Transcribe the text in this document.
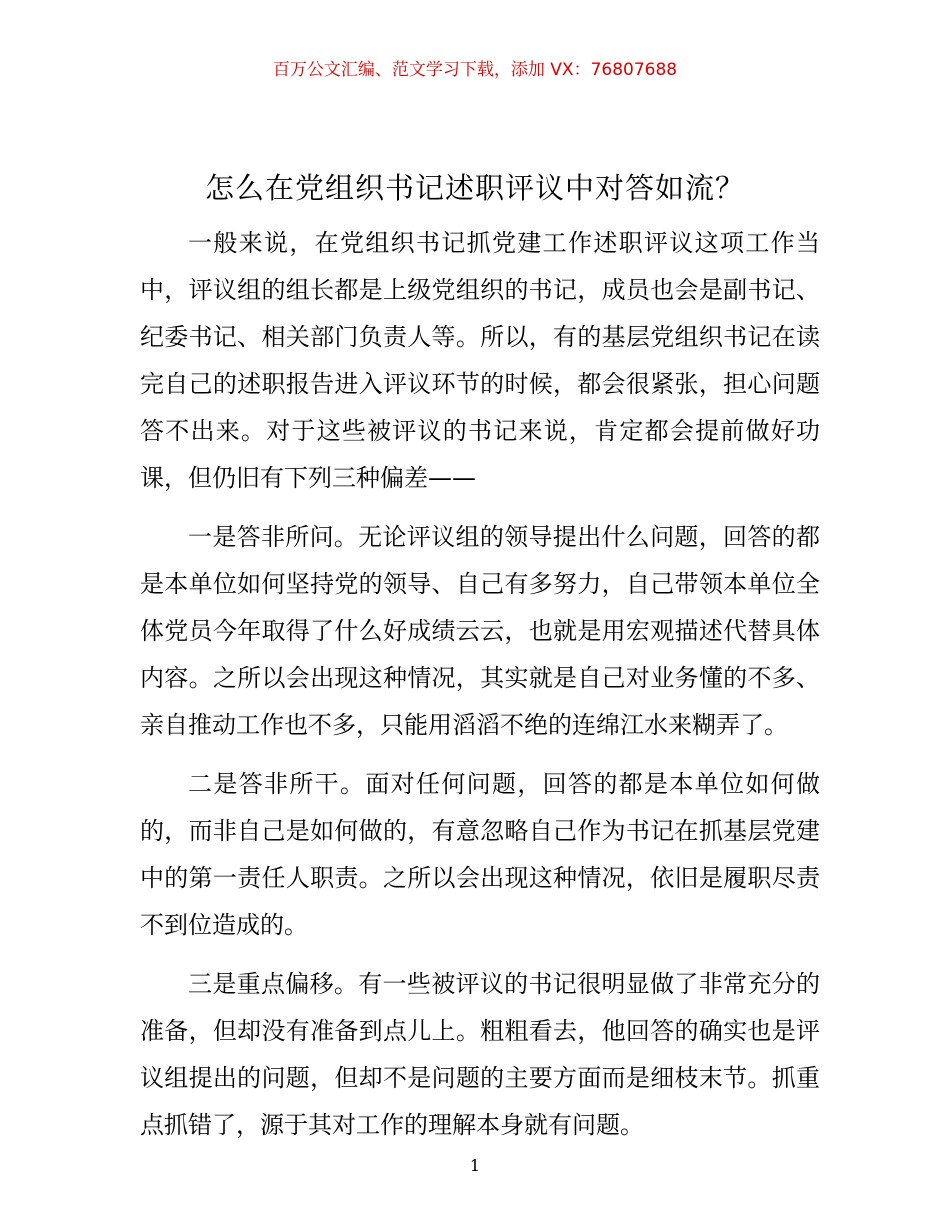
百万公文汇编、范文学习下载，添加 VX：76807688
怎么在党组织书记述职评议中对答如流？

一般来说，在党组织书记抓党建工作述职评议这项工作当中，评议组的组长都是上级党组织的书记，成员也会是副书记、纪委书记、相关部门负责人等。所以，有的基层党组织书记在读完自己的述职报告进入评议环节的时候，都会很紧张，担心问题答不出来。对于这些被评议的书记来说，肯定都会提前做好功课，但仍旧有下列三种偏差——

一是答非所问。无论评议组的领导提出什么问题，回答的都是本单位如何坚持党的领导、自己有多努力，自己带领本单位全体党员今年取得了什么好成绩云云，也就是用宏观描述代替具体内容。之所以会出现这种情况，其实就是自己对业务懂的不多、亲自推动工作也不多，只能用滔滔不绝的连绵江水来糊弄了。

二是答非所干。面对任何问题，回答的都是本单位如何做的，而非自己是如何做的，有意忽略自己作为书记在抓基层党建中的第一责任人职责。之所以会出现这种情况，依旧是履职尽责不到位造成的。

三是重点偏移。有一些被评议的书记很明显做了非常充分的准备，但却没有准备到点儿上。粗粗看去，他回答的确实也是评议组提出的问题，但却不是问题的主要方面而是细枝末节。抓重点抓错了，源于其对工作的理解本身就有问题。

1
